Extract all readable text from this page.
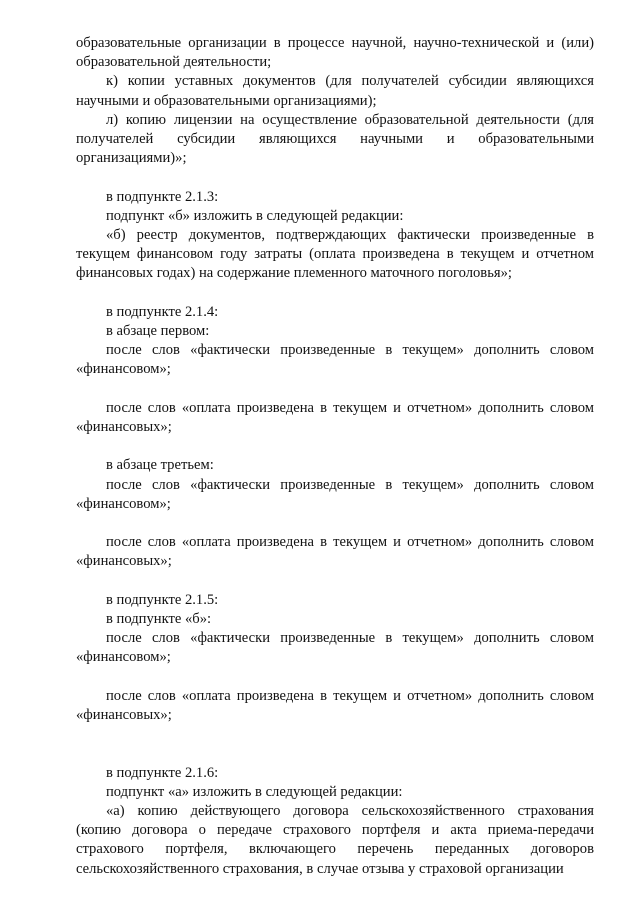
образовательные организации в процессе научной, научно-технической и (или) образовательной деятельности;
к) копии уставных документов (для получателей субсидии являющихся научными и образовательными организациями);
л) копию лицензии на осуществление образовательной деятельности (для получателей субсидии являющихся научными и образовательными организациями)»;
в подпункте 2.1.3:
подпункт «б» изложить в следующей редакции:
«б) реестр документов, подтверждающих фактически произведенные в текущем финансовом году затраты (оплата произведена в текущем и отчетном финансовых годах) на содержание племенного маточного поголовья»;
в подпункте 2.1.4:
в абзаце первом:
после слов «фактически произведенные в текущем» дополнить словом «финансовом»;
после слов «оплата произведена в текущем и отчетном» дополнить словом «финансовых»;
в абзаце третьем:
после слов «фактически произведенные в текущем» дополнить словом «финансовом»;
после слов «оплата произведена в текущем и отчетном» дополнить словом «финансовых»;
в подпункте 2.1.5:
в подпункте «б»:
после слов «фактически произведенные в текущем» дополнить словом «финансовом»;
после слов «оплата произведена в текущем и отчетном» дополнить словом «финансовых»;
в подпункте 2.1.6:
подпункт «а» изложить в следующей редакции:
«а) копию действующего договора сельскохозяйственного страхования (копию договора о передаче страхового портфеля и акта приема-передачи страхового портфеля, включающего перечень переданных договоров сельскохозяйственного страхования, в случае отзыва у страховой организации
